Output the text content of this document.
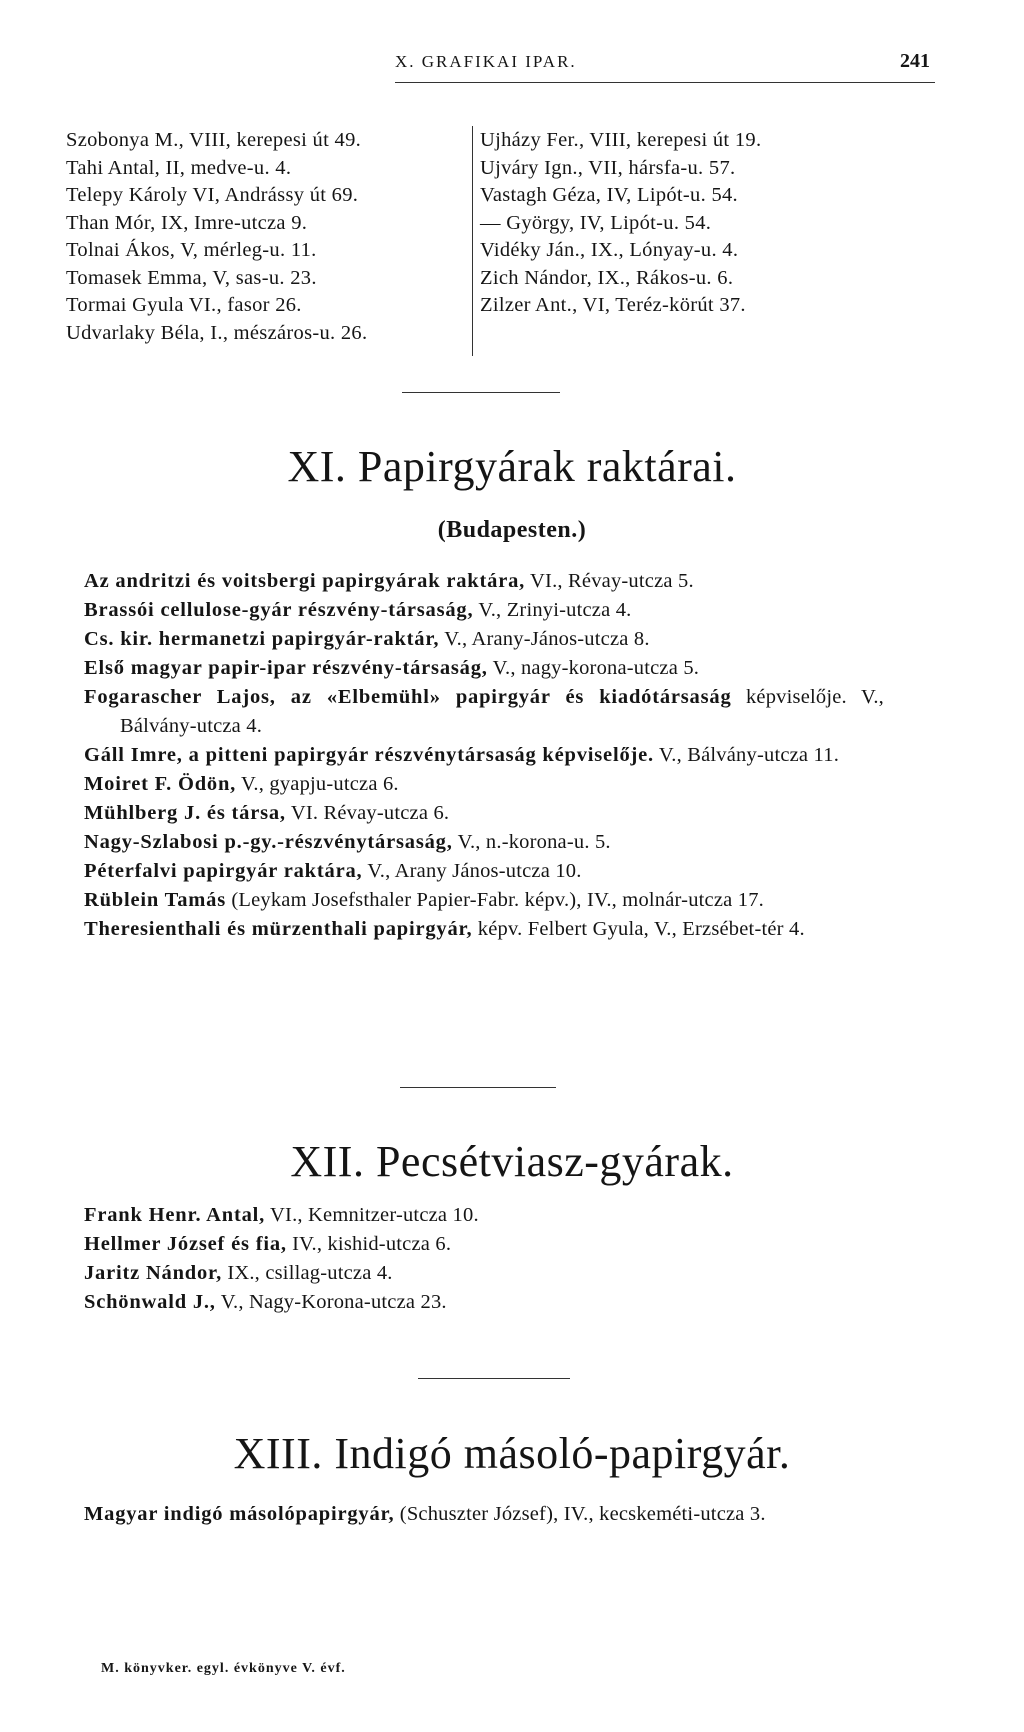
X. GRAFIKAI IPAR.	241
Szobonya M., VIII, kerepesi út 49.
Tahi Antal, II, medve-u. 4.
Telepy Károly VI, Andrássy út 69.
Than Mór, IX, Imre-utcza 9.
Tolnai Ákos, V, mérleg-u. 11.
Tomasek Emma, V, sas-u. 23.
Tormai Gyula VI., fasor 26.
Udvarlaky Béla, I., mészáros-u. 26.
Ujházy Fer., VIII, kerepesi út 19.
Ujváry Ign., VII, hársfa-u. 57.
Vastagh Géza, IV, Lipót-u. 54.
— György, IV, Lipót-u. 54.
Vidéky Ján., IX., Lónyay-u. 4.
Zich Nándor, IX., Rákos-u. 6.
Zilzer Ant., VI, Teréz-körút 37.
XI. Papirgyárak raktárai.
(Budapesten.)
Az andritzi és voitsbergi papirgyárak raktára, VI., Révay-utcza 5.
Brassói cellulose-gyár részvény-társaság, V., Zrinyi-utcza 4.
Cs. kir. hermanetzi papirgyár-raktár, V., Arany-János-utcza 8.
Első magyar papir-ipar részvény-társaság, V., nagy-korona-utcza 5.
Fogarascher Lajos, az «Elbemühl» papirgyár és kiadótársaság képviselője. V., Bálvány-utcza 4.
Gáll Imre, a pitteni papirgyár részvénytársaság képviselője. V., Bálvány-utcza 11.
Moiret F. Ödön, V., gyapju-utcza 6.
Mühlberg J. és társa, VI. Révay-utcza 6.
Nagy-Szlabosi p.-gy.-részvénytársaság, V., n.-korona-u. 5.
Péterfalvi papirgyár raktára, V., Arany János-utcza 10.
Rüblein Tamás (Leykam Josefsthaler Papier-Fabr. képv.), IV., molnár-utcza 17.
Theresienthali és mürzenthali papirgyár, képv. Felbert Gyula, V., Erzsébet-tér 4.
XII. Pecsétviasz-gyárak.
Frank Henr. Antal, VI., Kemnitzer-utcza 10.
Hellmer József és fia, IV., kishid-utcza 6.
Jaritz Nándor, IX., csillag-utcza 4.
Schönwald J., V., Nagy-Korona-utcza 23.
XIII. Indigó másoló-papirgyár.
Magyar indigó másolópapirgyár, (Schuszter József), IV., kecskeméti-utcza 3.
M. könyvker. egyl. évkönyve V. évf.
